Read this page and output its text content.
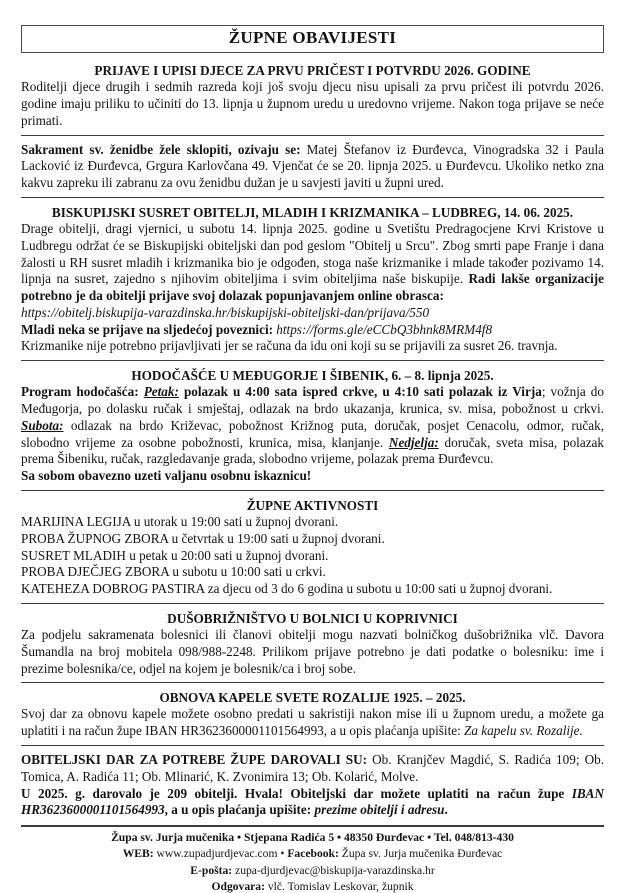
ŽUPNE OBAVIJESTI
PRIJAVE I UPISI DJECE ZA PRVU PRIČEST I POTVRDU 2026. GODINE

Roditelji djece drugih i sedmih razreda koji još svoju djecu nisu upisali za prvu pričest ili potvrdu 2026. godine imaju priliku to učiniti do 13. lipnja u župnom uredu u uredovno vrijeme. Nakon toga prijave se neće primati.

Sakrament sv. ženidbe žele sklopiti, ozivaju se: Matej Štefanov iz Đurđevca, Vinogradska 32 i Paula Lacković iz Đurđevca, Grgura Karlovčana 49. Vjenčat će se 20. lipnja 2025. u Đurđevcu. Ukoliko netko zna kakvu zapreku ili zabranu za ovu ženidbu dužan je u savjesti javiti u župni ured.

BISKUPIJSKI SUSRET OBITELJI, MLADIH I KRIZMANIKA – LUDBREG, 14. 06. 2025.

Drage obitelji, dragi vjernici, u subotu 14. lipnja 2025. godine u Svetištu Predragocjene Krvi Kristove u Ludbregu održat će se Biskupijski obiteljski dan pod geslom "Obitelj u Srcu". Zbog smrti pape Franje i dana žalosti u RH susret mladih i krizmanika bio je odgođen, stoga naše krizmanike i mlade također pozivamo 14. lipnja na susret, zajedno s njihovim obiteljima i svim obiteljima naše biskupije. Radi lakše organizacije potrebno je da obitelji prijave svoj dolazak popunjavanjem online obrasca:
https://obitelj.biskupija-varazdinska.hr/biskupijski-obiteljski-dan/prijava/550
Mladi neka se prijave na sljedećoj poveznici: https://forms.gle/eCCbQ3bhnk8MRM4f8
Krizmanike nije potrebno prijavljivati jer se računa da idu oni koji su se prijavili za susret 26. travnja.

HODOČAŠĆE U MEĐUGORJE I ŠIBENIK, 6. – 8. lipnja 2025.

Program hodočašća: Petak: polazak u 4:00 sata ispred crkve, u 4:10 sati polazak iz Virja; vožnja do Međugorja, po dolasku ručak i smještaj, odlazak na brdo ukazanja, krunica, sv. misa, pobožnost u crkvi. Subota: odlazak na brdo Križevac, pobožnost Križnog puta, doručak, posjet Cenacolu, odmor, ručak, slobodno vrijeme za osobne pobožnosti, krunica, misa, klanjanje. Nedjelja: doručak, sveta misa, polazak prema Šibeniku, ručak, razgledavanje grada, slobodno vrijeme, polazak prema Đurđevcu.

Sa sobom obavezno uzeti valjanu osobnu iskaznicu!

ŽUPNE AKTIVNOSTI
MARIJINA LEGIJA u utorak u 19:00 sati u župnoj dvorani.
PROBA ŽUPNOG ZBORA u četvrtak u 19:00 sati u župnoj dvorani.
SUSRET MLADIH u petak u 20:00 sati u župnoj dvorani.
PROBA DJEČJEG ZBORA u subotu u 10:00 sati u crkvi.
KATEHEZA DOBROG PASTIRA za djecu od 3 do 6 godina u subotu u 10:00 sati u župnoj dvorani.
DUŠOBRIŽNIŠTVO U BOLNICI U KOPRIVNICI

Za podjelu sakramenata bolesnici ili članovi obitelji mogu nazvati bolničkog dušobrižnika vlč. Davora Šumandla na broj mobitela 098/988-2248. Prilikom prijave potrebno je dati podatke o bolesniku: ime i prezime bolesnika/ce, odjel na kojem je bolesnik/ca i broj sobe.

OBNOVA KAPELE SVETE ROZALIJE 1925. – 2025.

Svoj dar za obnovu kapele možete osobno predati u sakristiji nakon mise ili u župnom uredu, a možete ga uplatiti i na račun župe IBAN HR3623600001101564993, a u opis plaćanja upišite: Za kapelu sv. Rozalije.

OBITELJSKI DAR ZA POTREBE ŽUPE DAROVALI SU: Ob. Kranjčev Magdić, S. Radića 109; Ob. Tomica, A. Radića 11; Ob. Mlinarić, K. Zvonimira 13; Ob. Kolarić, Molve.

U 2025. g. darovalo je 209 obitelji. Hvala! Obiteljski dar možete uplatiti na račun župe IBAN HR3623600001101564993, a u opis plaćanja upišite: prezime obitelji i adresu.

Župa sv. Jurja mučenika • Stjepana Radića 5 • 48350 Đurđevac • Tel. 048/813-430
WEB: www.zupadjurdjevac.com • Facebook: Župa sv. Jurja mučenika Đurđevac
E-pošta: zupa-djurdjevac@biskupija-varazdinska.hr
Odgovara: vlč. Tomislav Leskovar, župnik
